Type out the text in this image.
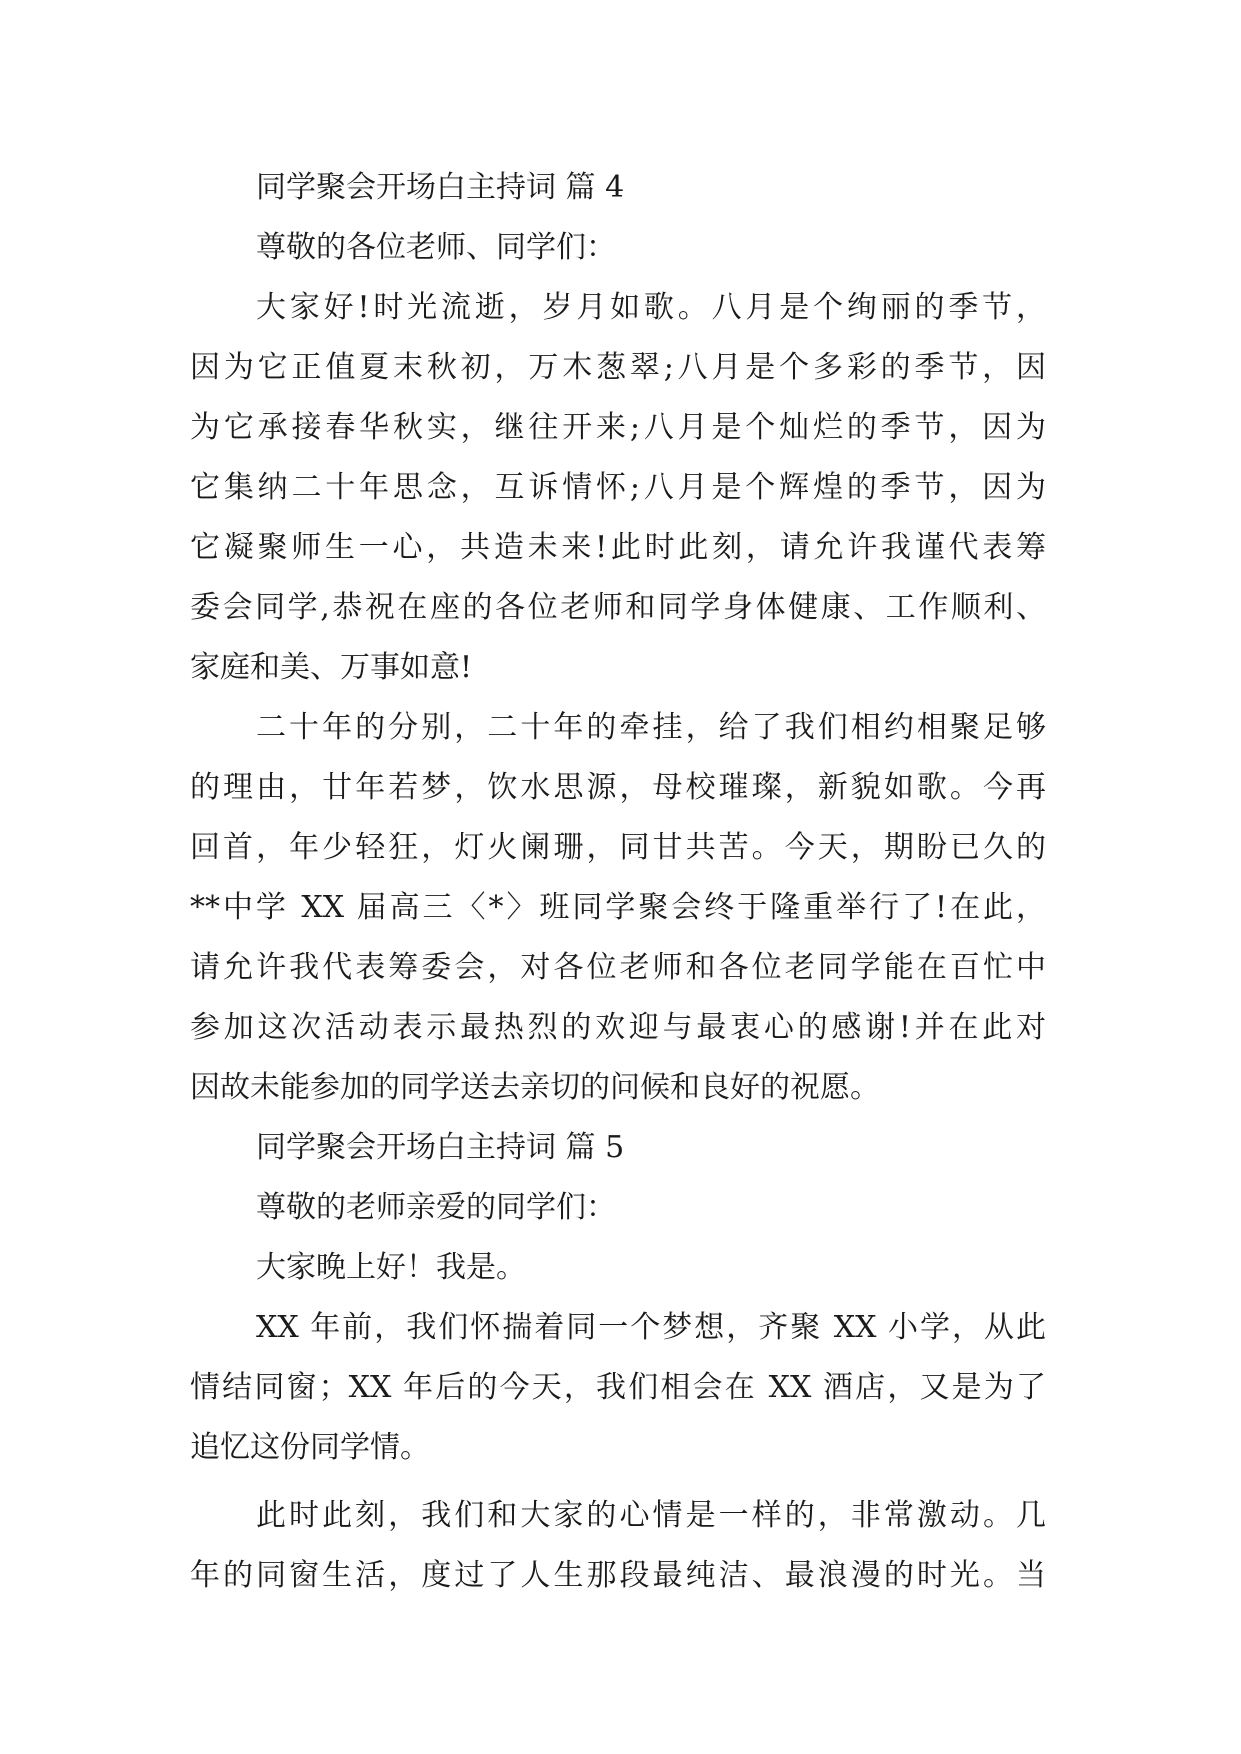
同学聚会开场白主持词 篇 4
尊敬的各位老师、同学们：
大家好!时光流逝，岁月如歌。八月是个绚丽的季节，
因为它正值夏末秋初，万木葱翠;八月是个多彩的季节，因
为它承接春华秋实，继往开来;八月是个灿烂的季节，因为
它集纳二十年思念，互诉情怀;八月是个辉煌的季节，因为
它凝聚师生一心，共造未来!此时此刻，请允许我谨代表筹
委会同学,恭祝在座的各位老师和同学身体健康、工作顺利、
家庭和美、万事如意!
二十年的分别，二十年的牵挂，给了我们相约相聚足够
的理由，廿年若梦，饮水思源，母校璀璨，新貌如歌。今再
回首，年少轻狂，灯火阑珊，同甘共苦。今天，期盼已久的
**中学 XX 届高三〈*〉班同学聚会终于隆重举行了!在此，
请允许我代表筹委会，对各位老师和各位老同学能在百忙中
参加这次活动表示最热烈的欢迎与最衷心的感谢!并在此对
因故未能参加的同学送去亲切的问候和良好的祝愿。
同学聚会开场白主持词 篇 5
尊敬的老师亲爱的同学们：
大家晚上好！我是。
XX 年前，我们怀揣着同一个梦想，齐聚 XX 小学，从此
情结同窗；XX 年后的今天，我们相会在 XX 酒店，又是为了
追忆这份同学情。
此时此刻，我们和大家的心情是一样的，非常激动。几
年的同窗生活，度过了人生那段最纯洁、最浪漫的时光。当
